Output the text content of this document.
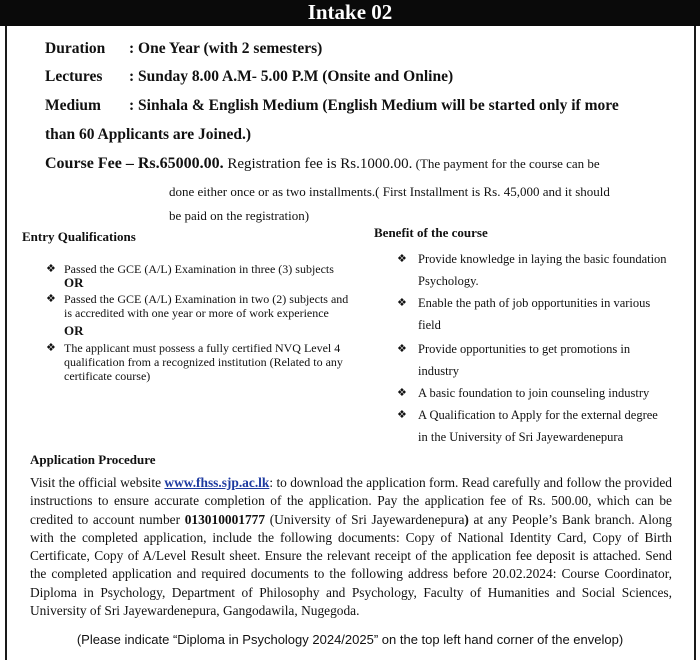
Intake 02
Duration : One Year (with 2 semesters)
Lectures : Sunday 8.00 A.M- 5.00 P.M (Onsite and Online)
Medium : Sinhala & English Medium (English Medium will be started only if more
than 60 Applicants are Joined.)
Course Fee – Rs.65000.00. Registration fee is Rs.1000.00. (The payment for the course can be
done either once or as two installments.( First Installment is Rs. 45,000 and it should
be paid on the registration)
Entry Qualifications
❖ Passed the GCE (A/L) Examination in three (3) subjects
OR
❖ Passed the GCE (A/L) Examination in two (2) subjects and
is accredited with one year or more of work experience
OR
❖ The applicant must possess a fully certified NVQ Level 4
qualification from a recognized institution (Related to any
certificate course)
Benefit of the course
❖ Provide knowledge in laying the basic foundation
Psychology.
❖ Enable the path of job opportunities in various
field
❖ Provide opportunities to get promotions in
industry
❖ A basic foundation to join counseling industry
❖ A Qualification to Apply for the external degree
in the University of Sri Jayewardenepura
Application Procedure
Visit the official website www.fhss.sjp.ac.lk: to download the application form. Read carefully and follow the provided instructions to ensure accurate completion of the application. Pay the application fee of Rs. 500.00, which can be credited to account number 013010001777 (University of Sri Jayewardenepura) at any People’s Bank branch. Along with the completed application, include the following documents: Copy of National Identity Card, Copy of Birth Certificate, Copy of A/Level Result sheet. Ensure the relevant receipt of the application fee deposit is attached. Send the completed application and required documents to the following address before 20.02.2024: Course Coordinator, Diploma in Psychology, Department of Philosophy and Psychology, Faculty of Humanities and Social Sciences, University of Sri Jayewardenepura, Gangodawila, Nugegoda.
(Please indicate “Diploma in Psychology 2024/2025” on the top left hand corner of the envelop)
